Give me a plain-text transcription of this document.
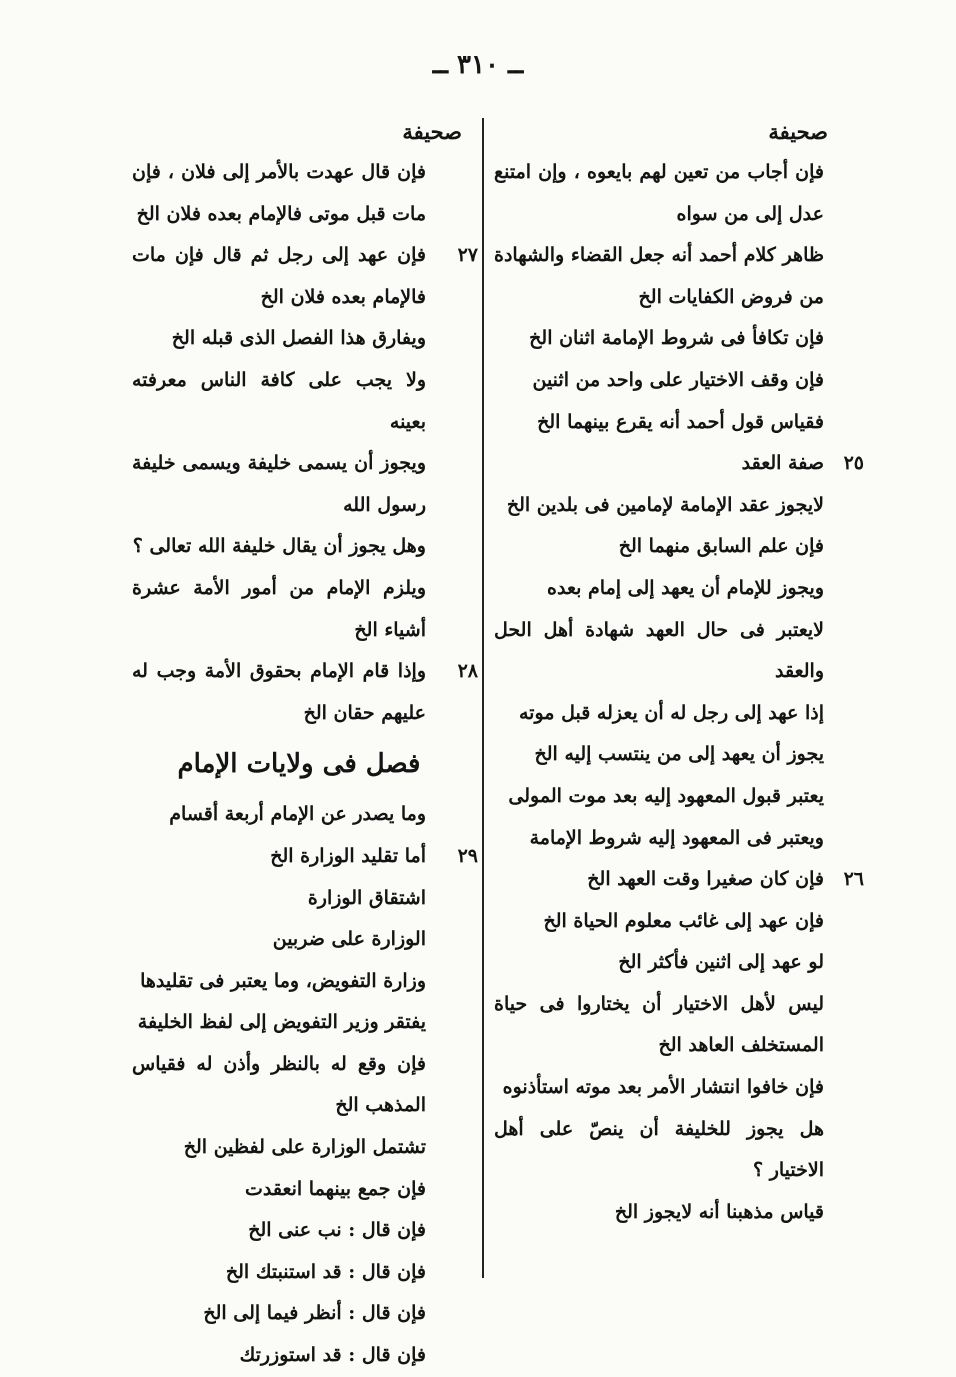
ــ ٣١٠ ــ
صحيفة
فإن أجاب من تعين لهم بايعوه ، وإن امتنع عدل إلى من سواه
ظاهر كلام أحمد أنه جعل القضاء والشهادة من فروض الكفايات الخ
فإن تكافأ فى شروط الإمامة اثنان الخ
فإن وقف الاختيار على واحد من اثنين
فقياس قول أحمد أنه يقرع بينهما الخ
٢٥
صفة العقد
لايجوز عقد الإمامة لإمامين فى بلدين الخ
فإن علم السابق منهما الخ
ويجوز للإمام أن يعهد إلى إمام بعده
لايعتبر فى حال العهد شهادة أهل الحل والعقد
إذا عهد إلى رجل له أن يعزله قبل موته
يجوز أن يعهد إلى من ينتسب إليه الخ
يعتبر قبول المعهود إليه بعد موت المولى
ويعتبر فى المعهود إليه شروط الإمامة
٢٦
فإن كان صغيرا وقت العهد الخ
فإن عهد إلى غائب معلوم الحياة الخ
لو عهد إلى اثنين فأكثر الخ
ليس لأهل الاختيار أن يختاروا فى حياة المستخلف العاهد الخ
فإن خافوا انتشار الأمر بعد موته استأذنوه
هل يجوز للخليفة أن ينصّ على أهل الاختيار ؟
قياس مذهبنا أنه لايجوز الخ
صحيفة
فإن قال عهدت بالأمر إلى فلان ، فإن مات قبل موتى فالإمام بعده فلان الخ
٢٧
فإن عهد إلى رجل ثم قال فإن مات فالإمام بعده فلان الخ
ويفارق هذا الفصل الذى قبله الخ
ولا يجب على كافة الناس معرفته بعينه
ويجوز أن يسمى خليفة ويسمى خليفة رسول الله
وهل يجوز أن يقال خليفة الله تعالى ؟
ويلزم الإمام من أمور الأمة عشرة أشياء الخ
٢٨
وإذا قام الإمام بحقوق الأمة وجب له عليهم حقان الخ
فصل فى ولايات الإمام
وما يصدر عن الإمام أربعة أقسام
٢٩
أما تقليد الوزارة الخ
اشتقاق الوزارة
الوزارة على ضربين
وزارة التفويض، وما يعتبر فى تقليدها
يفتقر وزير التفويض إلى لفظ الخليفة
فإن وقع له بالنظر وأذن له فقياس المذهب الخ
تشتمل الوزارة على لفظين الخ
فإن جمع بينهما انعقدت
فإن قال : نب عنى الخ
فإن قال : قد استنبتك الخ
فإن قال : أنظر فيما إلى الخ
فإن قال : قد استوزرتك
